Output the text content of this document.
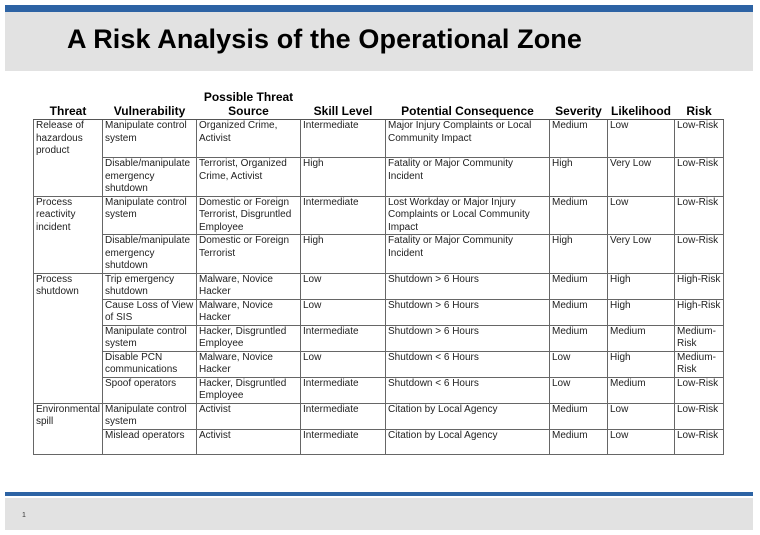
A Risk Analysis of the Operational Zone
Threat	Vulnerability	Possible Threat Source	Skill Level	Potential Consequence	Severity	Likelihood	Risk
Release of hazardous product	Manipulate control system	Organized Crime, Activist	Intermediate	Major Injury Complaints or Local Community Impact	Medium	Low	Low-Risk
	Disable/manipulate emergency shutdown	Terrorist, Organized Crime, Activist	High	Fatality or Major Community Incident	High	Very Low	Low-Risk
Process reactivity incident	Manipulate control system	Domestic or Foreign Terrorist, Disgruntled Employee	Intermediate	Lost Workday or Major Injury Complaints or Local Community Impact	Medium	Low	Low-Risk
	Disable/manipulate emergency shutdown	Domestic or Foreign Terrorist	High	Fatality or Major Community Incident	High	Very Low	Low-Risk
Process shutdown	Trip emergency shutdown	Malware, Novice Hacker	Low	Shutdown > 6 Hours	Medium	High	High-Risk
	Cause Loss of View of SIS	Malware, Novice Hacker	Low	Shutdown > 6 Hours	Medium	High	High-Risk
	Manipulate control system	Hacker, Disgruntled Employee	Intermediate	Shutdown > 6 Hours	Medium	Medium	Medium-Risk
	Disable PCN communications	Malware, Novice Hacker	Low	Shutdown < 6 Hours	Low	High	Medium-Risk
	Spoof operators	Hacker, Disgruntled Employee	Intermediate	Shutdown < 6 Hours	Low	Medium	Low-Risk
Environmental spill	Manipulate control system	Activist	Intermediate	Citation by Local Agency	Medium	Low	Low-Risk
	Mislead operators	Activist	Intermediate	Citation by Local Agency	Medium	Low	Low-Risk
1
